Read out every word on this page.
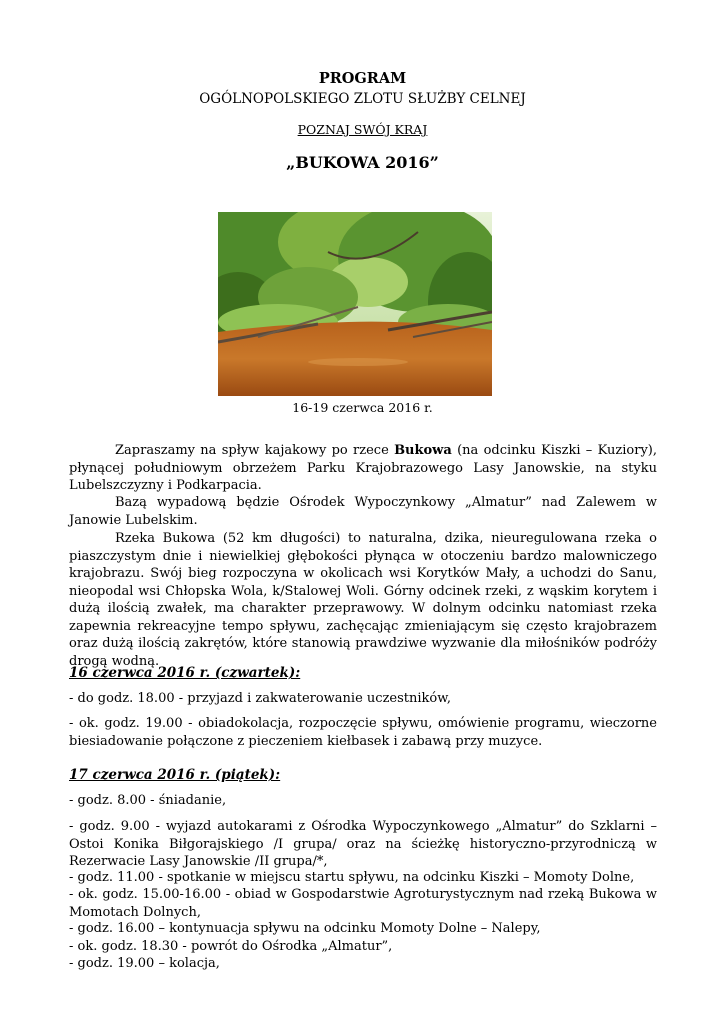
PROGRAM
OGÓLNOPOLSKIEGO ZLOTU SŁUŻBY CELNEJ
POZNAJ SWÓJ KRAJ
„BUKOWA 2016”
16-19 czerwca 2016 r.
Zapraszamy na spływ kajakowy po rzece Bukowa (na odcinku Kiszki – Kuziory), płynącej południowym obrzeżem Parku Krajobrazowego Lasy Janowskie, na styku Lubelszczyzny i Podkarpacia.
Bazą wypadową będzie Ośrodek Wypoczynkowy „Almatur” nad Zalewem w Janowie Lubelskim.
Rzeka Bukowa (52 km długości) to naturalna, dzika, nieuregulowana rzeka o piaszczystym dnie i niewielkiej głębokości płynąca w otoczeniu bardzo malowniczego krajobrazu. Swój bieg rozpoczyna w okolicach wsi Korytków Mały, a uchodzi do Sanu, nieopodal wsi Chłopska Wola, k/Stalowej Woli. Górny odcinek rzeki, z wąskim korytem i dużą ilością zwałek, ma charakter przeprawowy. W dolnym odcinku natomiast rzeka zapewnia rekreacyjne tempo spływu, zachęcając zmieniającym się często krajobrazem oraz dużą ilością zakrętów, które stanowią prawdziwe wyzwanie dla miłośników podróży drogą wodną.
16 czerwca 2016 r. (czwartek):
- do godz. 18.00 - przyjazd i zakwaterowanie uczestników,
- ok. godz. 19.00 - obiadokolacja, rozpoczęcie spływu, omówienie programu, wieczorne biesiadowanie połączone z pieczeniem kiełbasek i zabawą przy muzyce.
17 czerwca 2016 r. (piątek):
- godz. 8.00 - śniadanie,
- godz. 9.00 - wyjazd autokarami z Ośrodka Wypoczynkowego „Almatur” do Szklarni – Ostoi Konika Biłgorajskiego /I grupa/ oraz na ścieżkę historyczno-przyrodniczą w Rezerwacie Lasy Janowskie /II grupa/*,
- godz. 11.00 - spotkanie w miejscu startu spływu, na odcinku Kiszki – Momoty Dolne,
- ok. godz. 15.00-16.00 - obiad w Gospodarstwie Agroturystycznym nad rzeką Bukowa w Momotach Dolnych,
- godz. 16.00 – kontynuacja spływu na odcinku Momoty Dolne – Nalepy,
- ok. godz. 18.30 - powrót do Ośrodka „Almatur”,
- godz. 19.00 – kolacja,
